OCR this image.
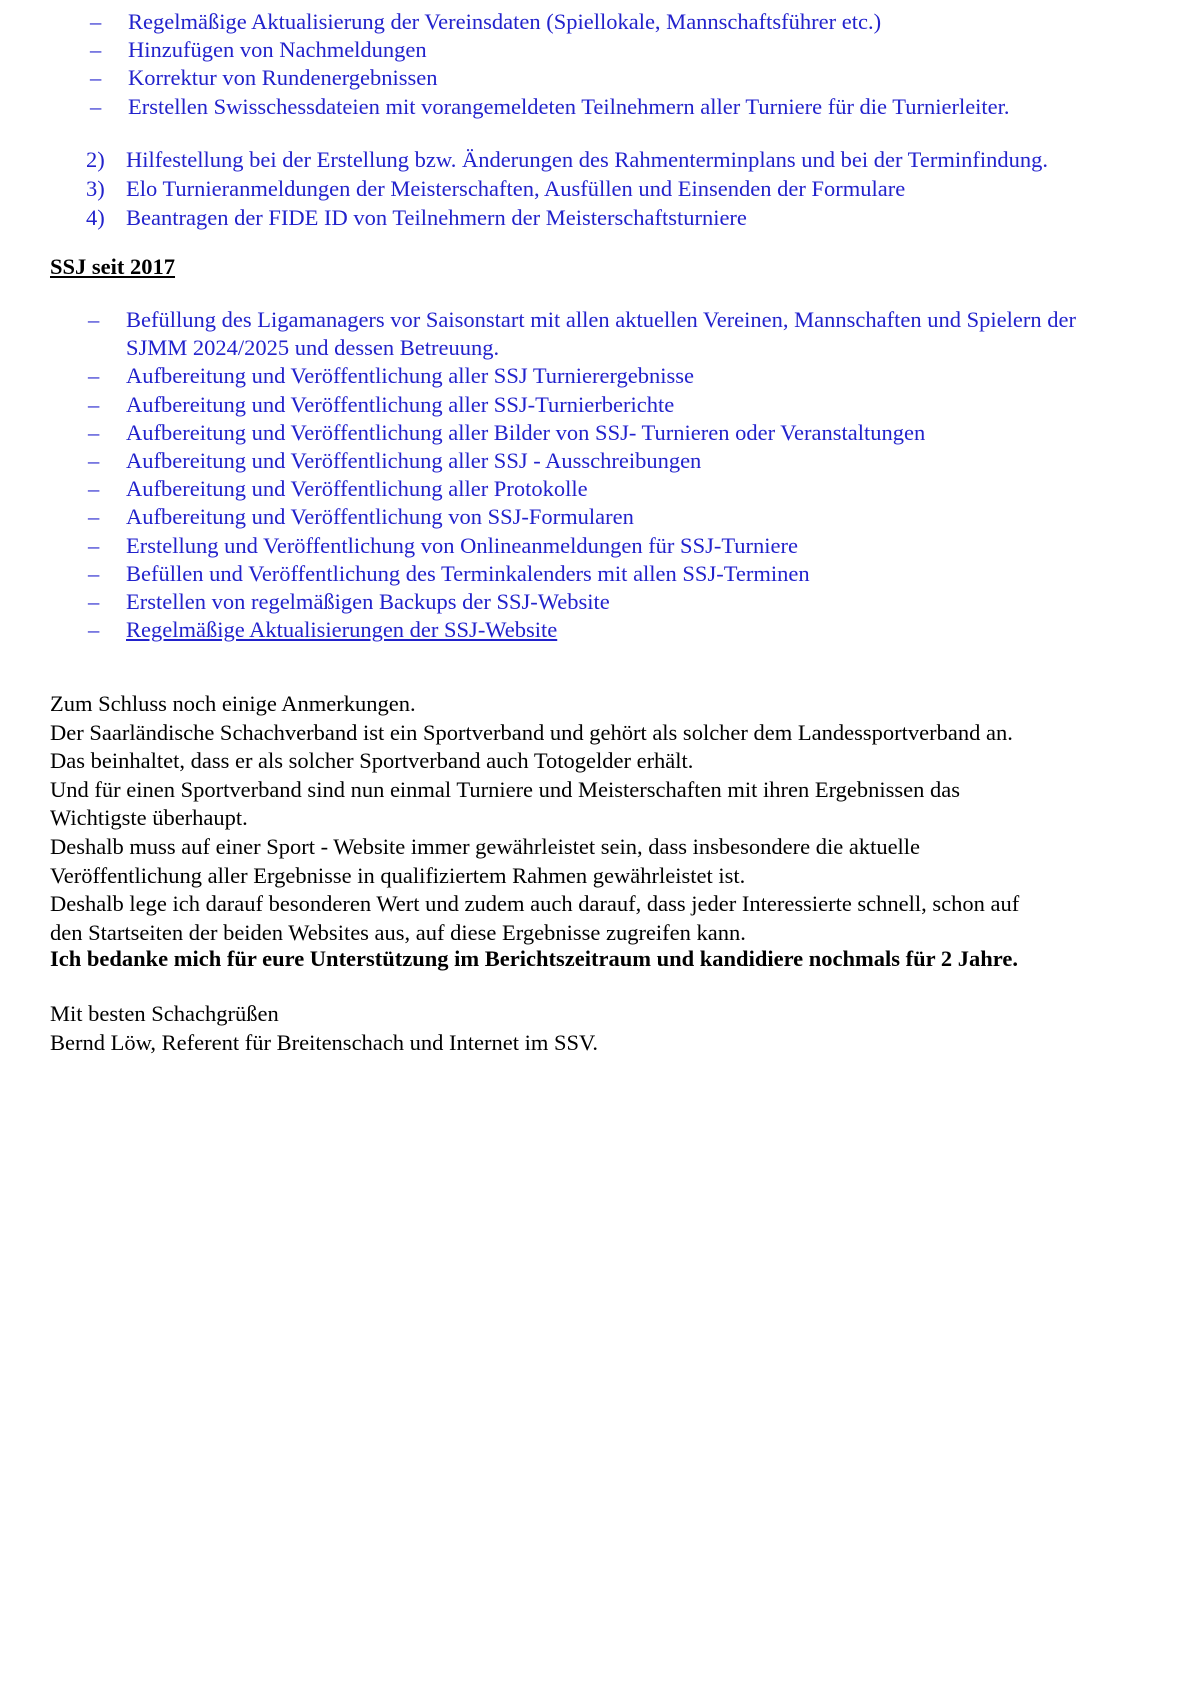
– Regelmäßige Aktualisierung der Vereinsdaten (Spiellokale, Mannschaftsführer etc.)
– Hinzufügen von Nachmeldungen
– Korrektur von Rundenergebnissen
– Erstellen Swisschessdateien mit vorangemeldeten Teilnehmern aller Turniere für die Turnierleiter.
2) Hilfestellung bei der Erstellung bzw. Änderungen des Rahmenterminplans und bei der Terminfindung.
3) Elo Turnieranmeldungen der Meisterschaften, Ausfüllen und Einsenden der Formulare
4) Beantragen der FIDE ID von Teilnehmern der Meisterschaftsturniere
SSJ seit 2017
– Befüllung des Ligamanagers vor Saisonstart mit allen aktuellen Vereinen, Mannschaften und Spielern der SJMM 2024/2025 und dessen Betreuung.
– Aufbereitung und Veröffentlichung aller SSJ Turnierergebnisse
– Aufbereitung und Veröffentlichung aller SSJ-Turnierberichte
– Aufbereitung und Veröffentlichung aller Bilder von SSJ- Turnieren oder Veranstaltungen
– Aufbereitung und Veröffentlichung aller SSJ - Ausschreibungen
– Aufbereitung und Veröffentlichung aller Protokolle
– Aufbereitung und Veröffentlichung von SSJ-Formularen
– Erstellung und Veröffentlichung von Onlineanmeldungen für SSJ-Turniere
– Befüllen und Veröffentlichung des Terminkalenders mit allen SSJ-Terminen
– Erstellen von regelmäßigen Backups der SSJ-Website
– Regelmäßige Aktualisierungen der SSJ-Website
Zum Schluss noch einige Anmerkungen.
Der Saarländische Schachverband ist ein Sportverband und gehört als solcher dem Landessportverband an.
Das beinhaltet, dass er als solcher Sportverband auch Totogelder erhält.
Und für einen Sportverband sind nun einmal Turniere und Meisterschaften mit ihren Ergebnissen das
Wichtigste überhaupt.
Deshalb muss auf einer Sport - Website immer gewährleistet sein, dass insbesondere die aktuelle
Veröffentlichung aller Ergebnisse in qualifiziertem Rahmen gewährleistet ist.
Deshalb lege ich darauf besonderen Wert und zudem auch darauf, dass jeder Interessierte schnell, schon auf
den Startseiten der beiden Websites aus, auf diese Ergebnisse zugreifen kann.
Ich bedanke mich für eure Unterstützung im Berichtszeitraum und kandidiere nochmals für 2 Jahre.
Mit besten Schachgrüßen
Bernd Löw, Referent für Breitenschach und Internet im SSV.
